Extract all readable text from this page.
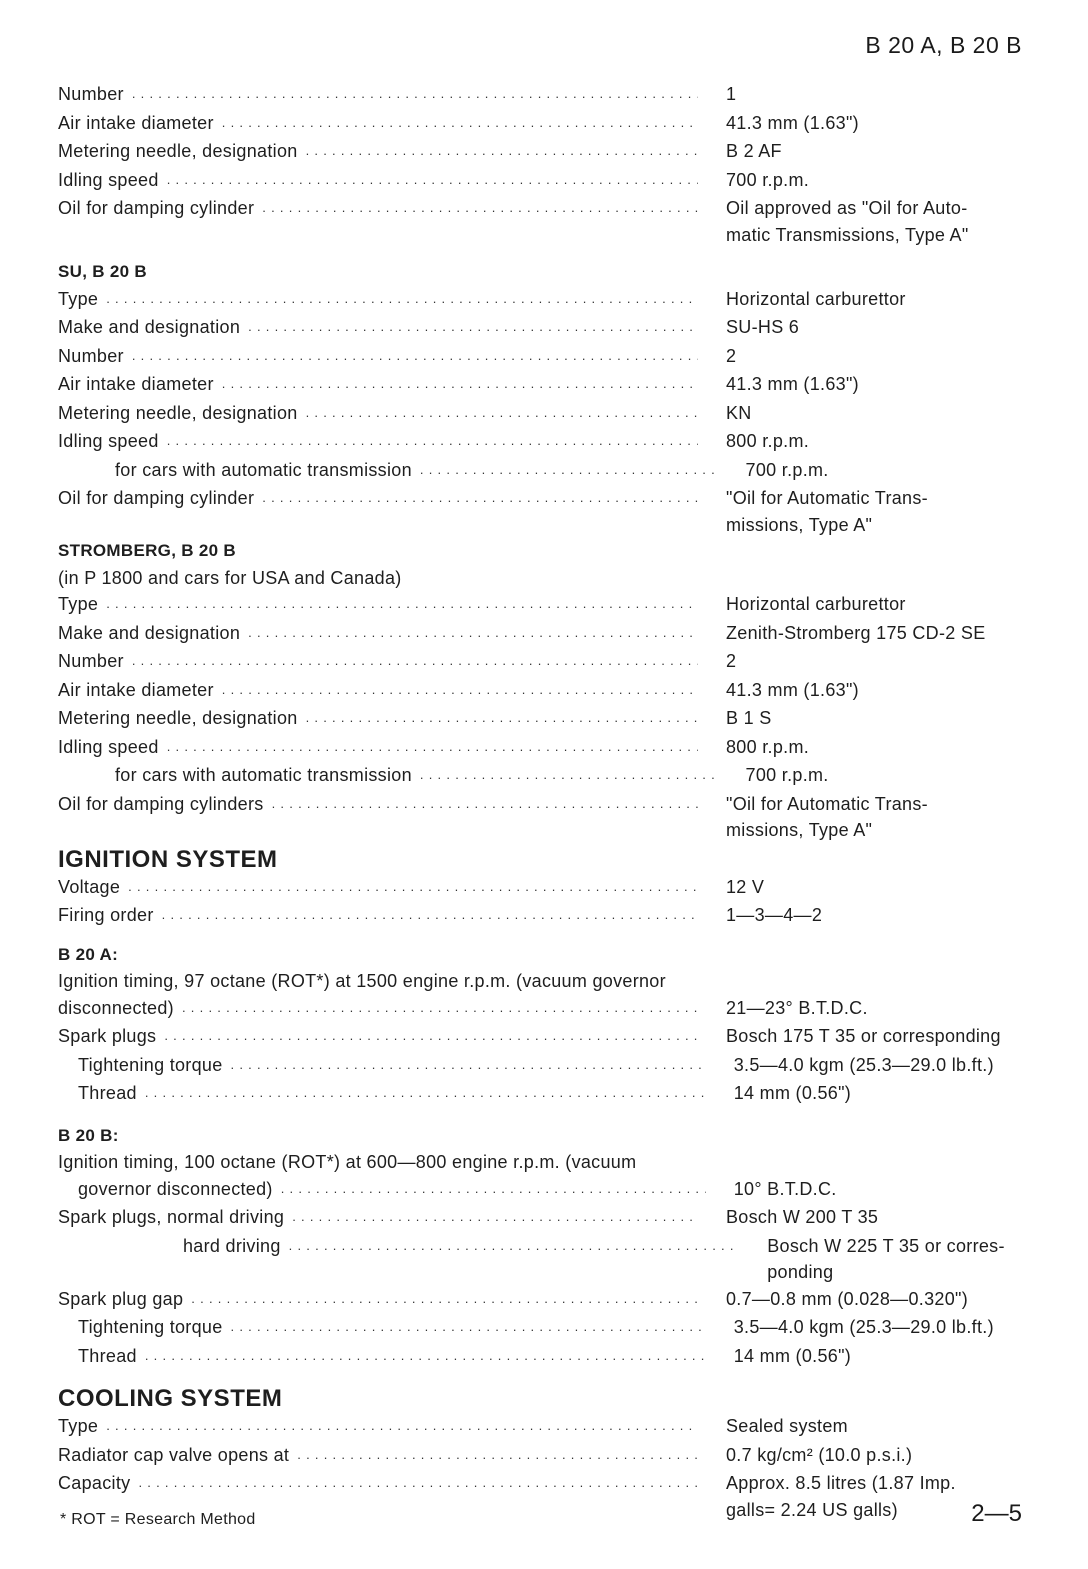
B 20 A, B 20 B
Number . . .	1
Air intake diameter . . .	41.3 mm (1.63")
Metering needle, designation . . .	B 2 AF
Idling speed . . .	700 r.p.m.
Oil for damping cylinder . . .	Oil approved as "Oil for Auto-
matic Transmissions, Type A"
SU, B 20 B
Type . . .	Horizontal carburettor
Make and designation . . .	SU-HS 6
Number . . .	2
Air intake diameter . . .	41.3 mm (1.63")
Metering needle, designation . . .	KN
Idling speed . . .	800 r.p.m.
for cars with automatic transmission . . .	700 r.p.m.
Oil for damping cylinder . . .	"Oil for Automatic Trans-
missions, Type A"
STROMBERG, B 20 B
(in P 1800 and cars for USA and Canada)
Type . . .	Horizontal carburettor
Make and designation . . .	Zenith-Stromberg 175 CD-2 SE
Number . . .	2
Air intake diameter . . .	41.3 mm (1.63")
Metering needle, designation . . .	B 1 S
Idling speed . . .	800 r.p.m.
for cars with automatic transmission . . .	700 r.p.m.
Oil for damping cylinders . . .	"Oil for Automatic Trans-
missions, Type A"
IGNITION SYSTEM
Voltage . . .	12 V
Firing order . . .	1—3—4—2
B 20 A:
Ignition timing, 97 octane (ROT*) at 1500 engine r.p.m. (vacuum governor
disconnected) . . .	21—23° B.T.D.C.
Spark plugs . . .	Bosch 175 T 35 or corresponding
Tightening torque . . .	3.5—4.0 kgm (25.3—29.0 lb.ft.)
Thread . . .	14 mm (0.56")
B 20 B:
Ignition timing, 100 octane (ROT*) at 600—800 engine r.p.m. (vacuum
governor disconnected) . . .	10° B.T.D.C.
Spark plugs, normal driving . . .	Bosch W 200 T 35
hard driving . . .	Bosch W 225 T 35 or corres-
ponding
Spark plug gap . . .	0.7—0.8 mm (0.028—0.320")
Tightening torque . . .	3.5—4.0 kgm (25.3—29.0 lb.ft.)
Thread . . .	14 mm (0.56")
COOLING SYSTEM
Type . . .	Sealed system
Radiator cap valve opens at . . .	0.7 kg/cm² (10.0 p.s.i.)
Capacity . . .	Approx. 8.5 litres (1.87 Imp.
galls= 2.24 US galls)
* ROT = Research Method	2—5
